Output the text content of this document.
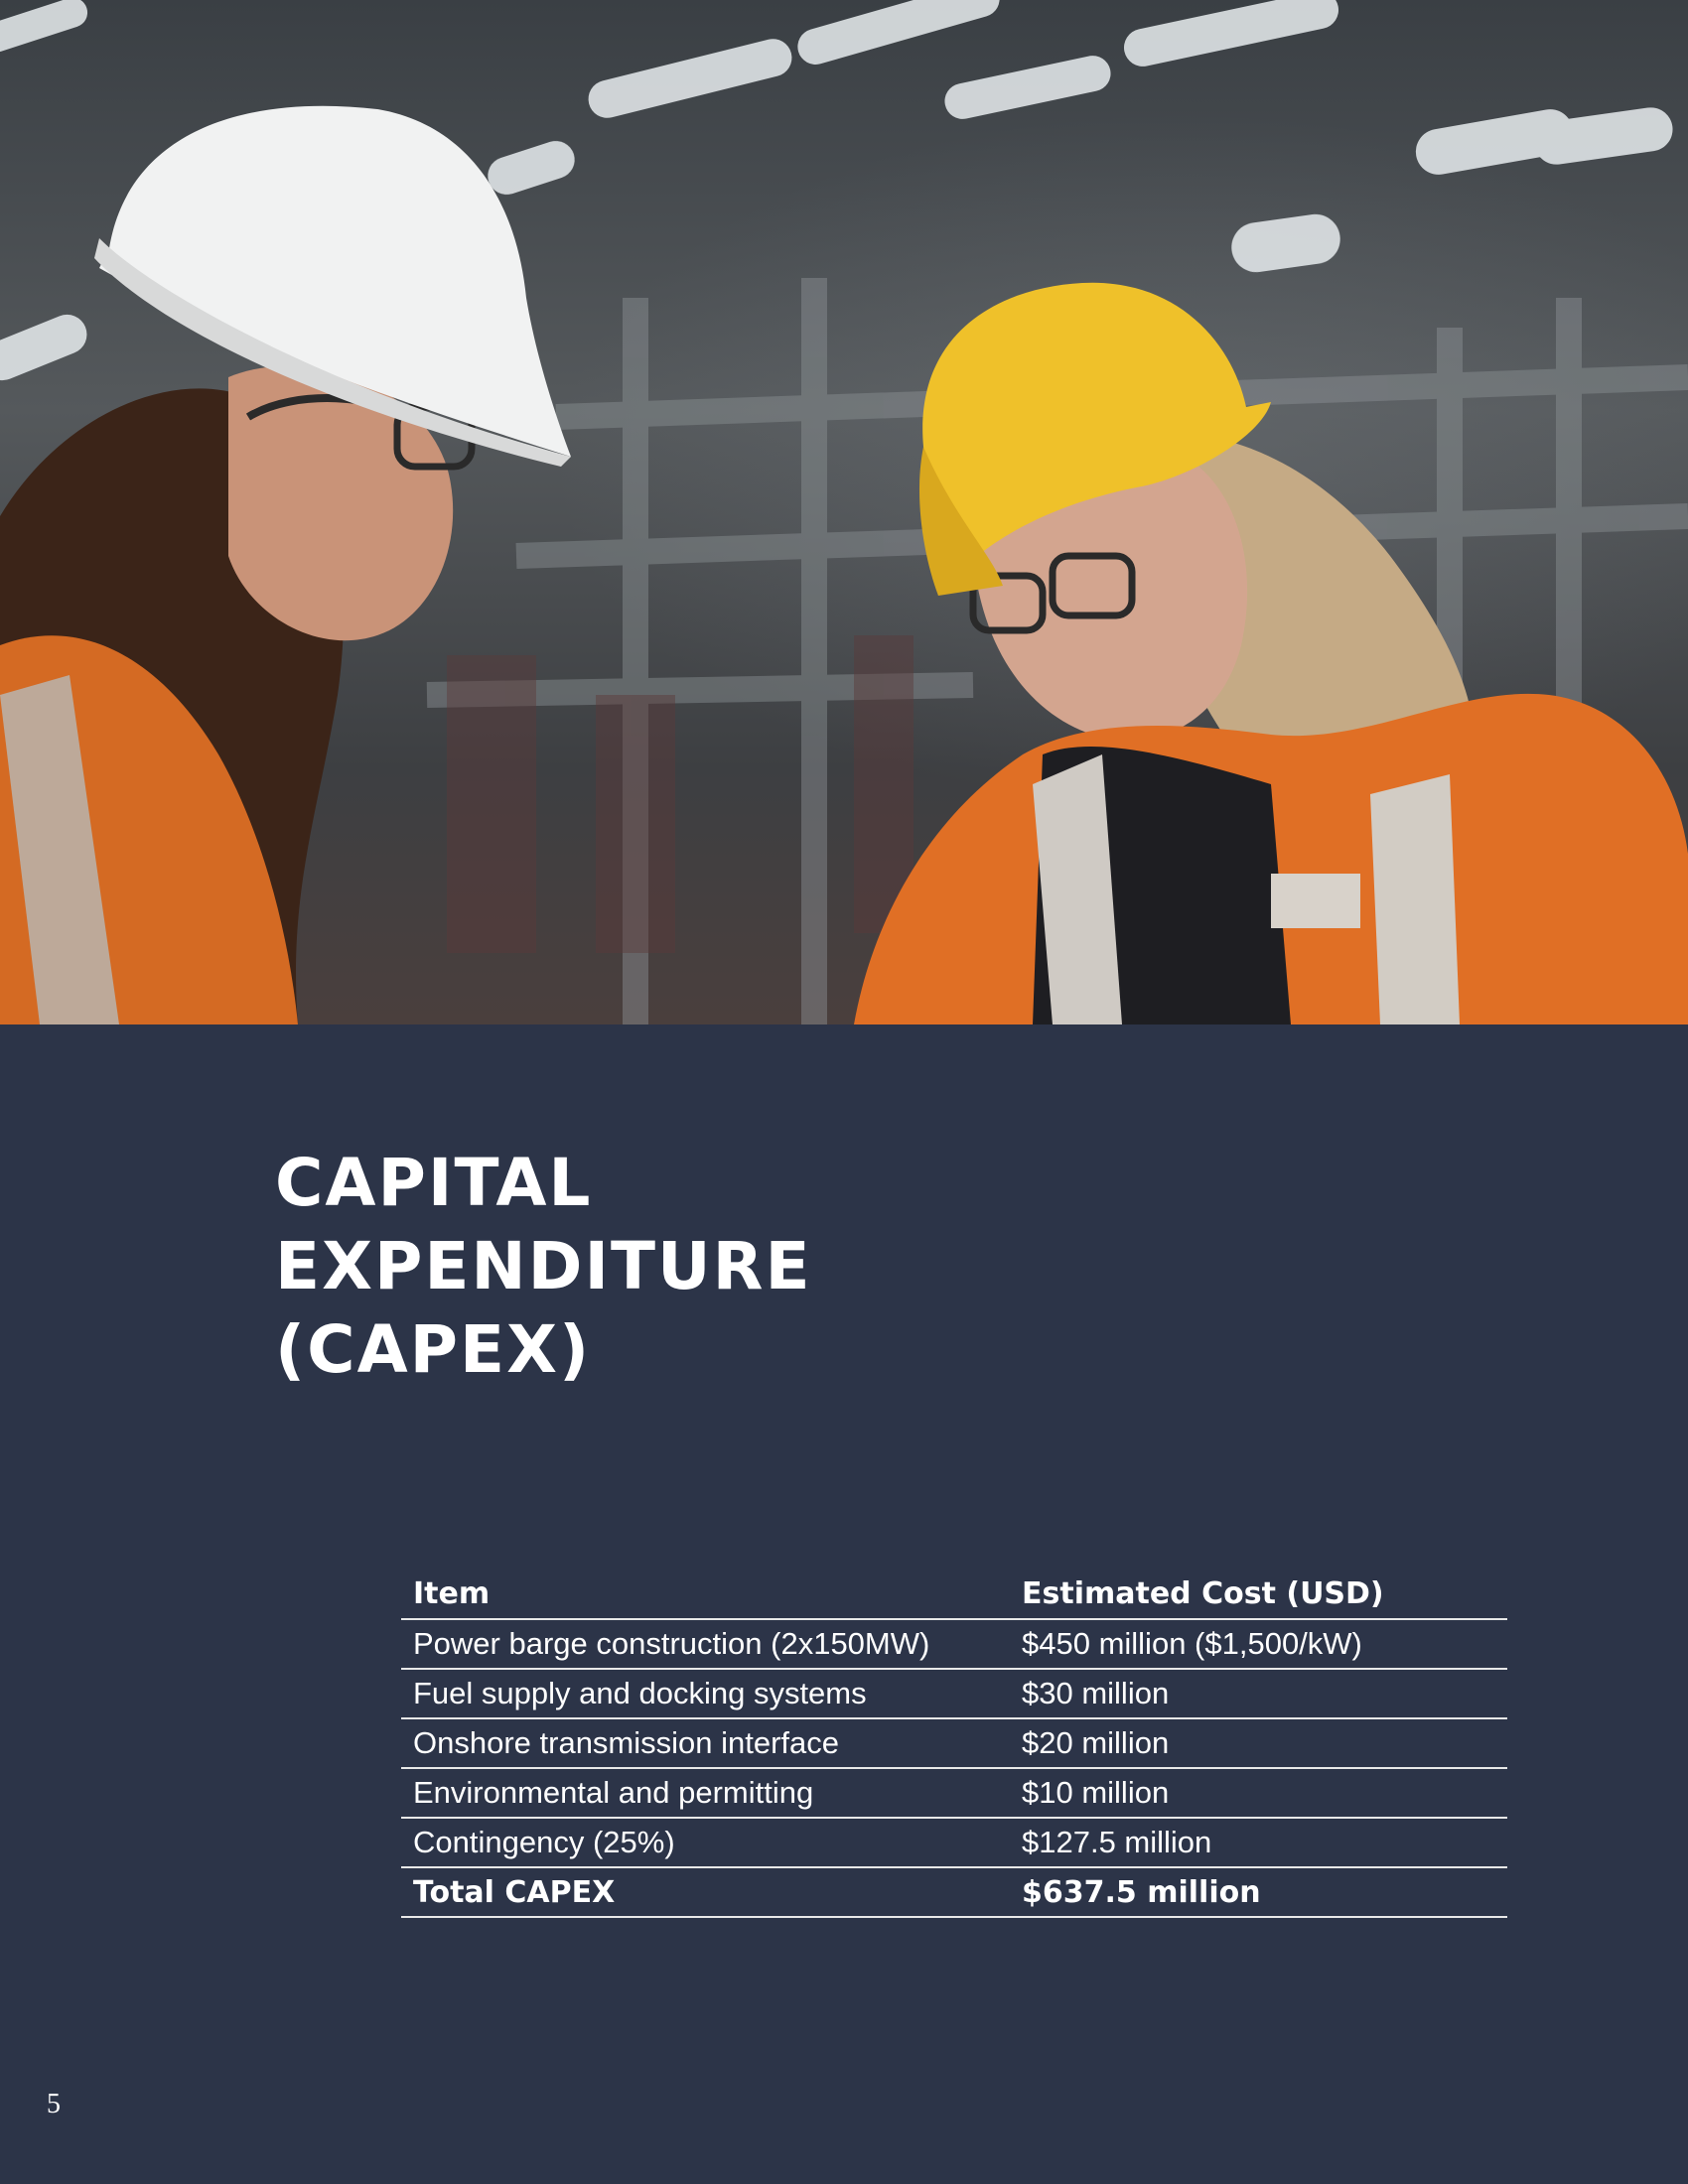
CAPITAL
EXPENDITURE
(CAPEX)
Item	Estimated Cost (USD)
Power barge construction (2x150MW)	$450 million ($1,500/kW)
Fuel supply and docking systems	$30 million
Onshore transmission interface	$20 million
Environmental and permitting	$10 million
Contingency (25%)	$127.5 million
Total CAPEX	$637.5 million
5
